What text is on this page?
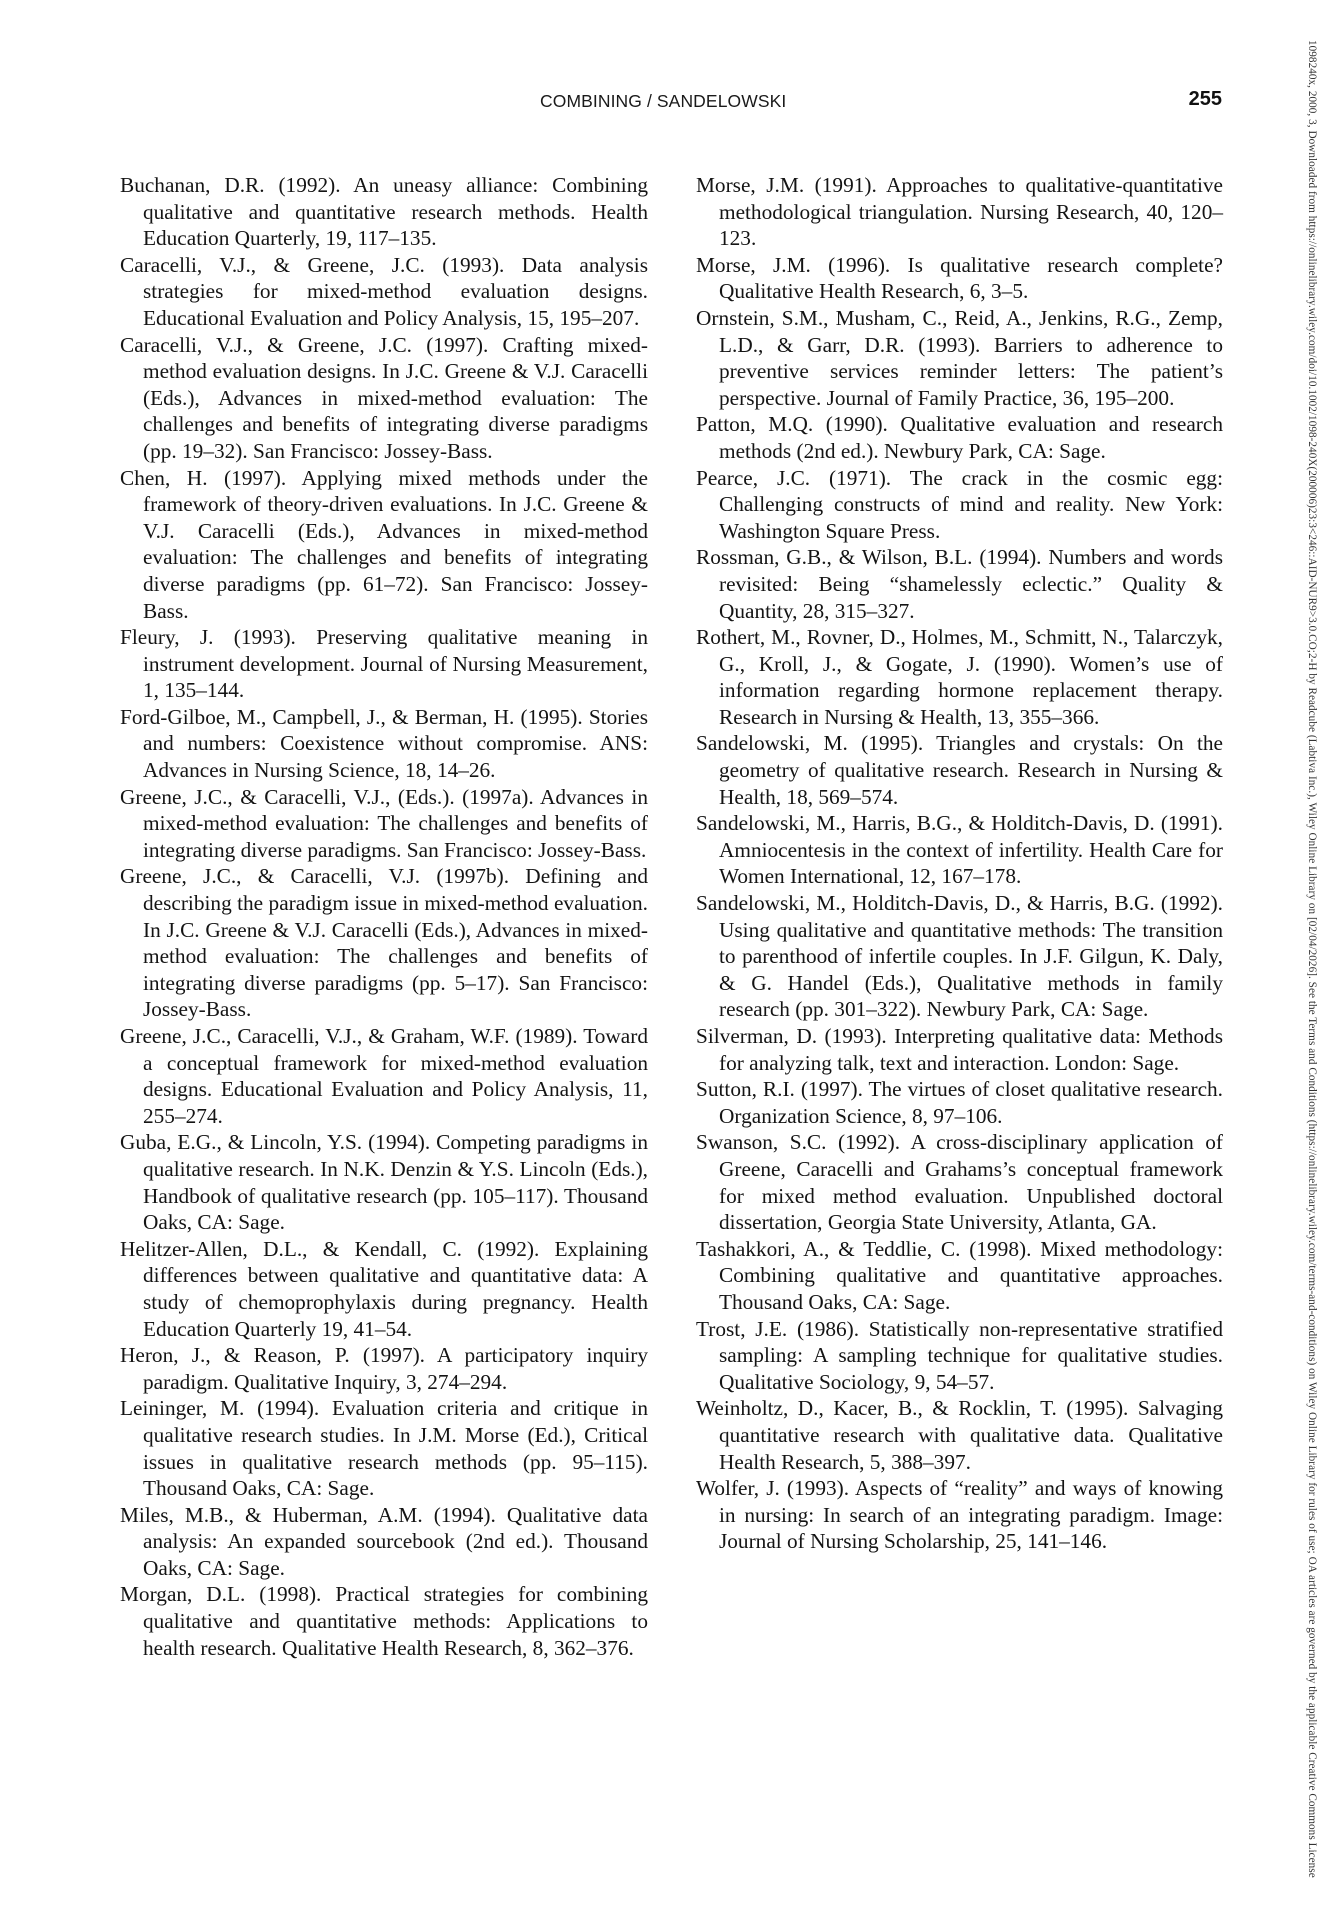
COMBINING / SANDELOWSKI	255

Buchanan, D.R. (1992). An uneasy alliance: Combining qualitative and quantitative research methods. Health Education Quarterly, 19, 117–135.

Caracelli, V.J., & Greene, J.C. (1993). Data analysis strategies for mixed-method evaluation designs. Educational Evaluation and Policy Analysis, 15, 195–207.

Caracelli, V.J., & Greene, J.C. (1997). Crafting mixed-method evaluation designs. In J.C. Greene & V.J. Caracelli (Eds.), Advances in mixed-method evaluation: The challenges and benefits of integrating diverse paradigms (pp. 19–32). San Francisco: Jossey-Bass.

Chen, H. (1997). Applying mixed methods under the framework of theory-driven evaluations. In J.C. Greene & V.J. Caracelli (Eds.), Advances in mixed-method evaluation: The challenges and benefits of integrating diverse paradigms (pp. 61–72). San Francisco: Jossey-Bass.

Fleury, J. (1993). Preserving qualitative meaning in instrument development. Journal of Nursing Measurement, 1, 135–144.

Ford-Gilboe, M., Campbell, J., & Berman, H. (1995). Stories and numbers: Coexistence without compromise. ANS: Advances in Nursing Science, 18, 14–26.

Greene, J.C., & Caracelli, V.J., (Eds.). (1997a). Advances in mixed-method evaluation: The challenges and benefits of integrating diverse paradigms. San Francisco: Jossey-Bass.

Greene, J.C., & Caracelli, V.J. (1997b). Defining and describing the paradigm issue in mixed-method evaluation. In J.C. Greene & V.J. Caracelli (Eds.), Advances in mixed-method evaluation: The challenges and benefits of integrating diverse paradigms (pp. 5–17). San Francisco: Jossey-Bass.

Greene, J.C., Caracelli, V.J., & Graham, W.F. (1989). Toward a conceptual framework for mixed-method evaluation designs. Educational Evaluation and Policy Analysis, 11, 255–274.

Guba, E.G., & Lincoln, Y.S. (1994). Competing paradigms in qualitative research. In N.K. Denzin & Y.S. Lincoln (Eds.), Handbook of qualitative research (pp. 105–117). Thousand Oaks, CA: Sage.

Helitzer-Allen, D.L., & Kendall, C. (1992). Explaining differences between qualitative and quantitative data: A study of chemoprophylaxis during pregnancy. Health Education Quarterly 19, 41–54.

Heron, J., & Reason, P. (1997). A participatory inquiry paradigm. Qualitative Inquiry, 3, 274–294.

Leininger, M. (1994). Evaluation criteria and critique in qualitative research studies. In J.M. Morse (Ed.), Critical issues in qualitative research methods (pp. 95–115). Thousand Oaks, CA: Sage.

Miles, M.B., & Huberman, A.M. (1994). Qualitative data analysis: An expanded sourcebook (2nd ed.). Thousand Oaks, CA: Sage.

Morgan, D.L. (1998). Practical strategies for combining qualitative and quantitative methods: Applications to health research. Qualitative Health Research, 8, 362–376.

Morse, J.M. (1991). Approaches to qualitative-quantitative methodological triangulation. Nursing Research, 40, 120–123.

Morse, J.M. (1996). Is qualitative research complete? Qualitative Health Research, 6, 3–5.

Ornstein, S.M., Musham, C., Reid, A., Jenkins, R.G., Zemp, L.D., & Garr, D.R. (1993). Barriers to adherence to preventive services reminder letters: The patient’s perspective. Journal of Family Practice, 36, 195–200.

Patton, M.Q. (1990). Qualitative evaluation and research methods (2nd ed.). Newbury Park, CA: Sage.

Pearce, J.C. (1971). The crack in the cosmic egg: Challenging constructs of mind and reality. New York: Washington Square Press.

Rossman, G.B., & Wilson, B.L. (1994). Numbers and words revisited: Being “shamelessly eclectic.” Quality & Quantity, 28, 315–327.

Rothert, M., Rovner, D., Holmes, M., Schmitt, N., Talarczyk, G., Kroll, J., & Gogate, J. (1990). Women’s use of information regarding hormone replacement therapy. Research in Nursing & Health, 13, 355–366.

Sandelowski, M. (1995). Triangles and crystals: On the geometry of qualitative research. Research in Nursing & Health, 18, 569–574.

Sandelowski, M., Harris, B.G., & Holditch-Davis, D. (1991). Amniocentesis in the context of infertility. Health Care for Women International, 12, 167–178.

Sandelowski, M., Holditch-Davis, D., & Harris, B.G. (1992). Using qualitative and quantitative methods: The transition to parenthood of infertile couples. In J.F. Gilgun, K. Daly, & G. Handel (Eds.), Qualitative methods in family research (pp. 301–322). Newbury Park, CA: Sage.

Silverman, D. (1993). Interpreting qualitative data: Methods for analyzing talk, text and interaction. London: Sage.

Sutton, R.I. (1997). The virtues of closet qualitative research. Organization Science, 8, 97–106.

Swanson, S.C. (1992). A cross-disciplinary application of Greene, Caracelli and Grahams’s conceptual framework for mixed method evaluation. Unpublished doctoral dissertation, Georgia State University, Atlanta, GA.

Tashakkori, A., & Teddlie, C. (1998). Mixed methodology: Combining qualitative and quantitative approaches. Thousand Oaks, CA: Sage.

Trost, J.E. (1986). Statistically non-representative stratified sampling: A sampling technique for qualitative studies. Qualitative Sociology, 9, 54–57.

Weinholtz, D., Kacer, B., & Rocklin, T. (1995). Salvaging quantitative research with qualitative data. Qualitative Health Research, 5, 388–397.

Wolfer, J. (1993). Aspects of “reality” and ways of knowing in nursing: In search of an integrating paradigm. Image: Journal of Nursing Scholarship, 25, 141–146.	1098240x, 2000, 3, Downloaded from https://onlinelibrary.wiley.com/doi/10.1002/1098-240X(200006)23:3<246::AID-NUR9>3.0.CO;2-H by Readcube (Labtiva Inc.), Wiley Online Library on [02/04/2026]. See the Terms and Conditions (https://onlinelibrary.wiley.com/terms-and-conditions) on Wiley Online Library for rules of use; OA articles are governed by the applicable Creative Commons License
